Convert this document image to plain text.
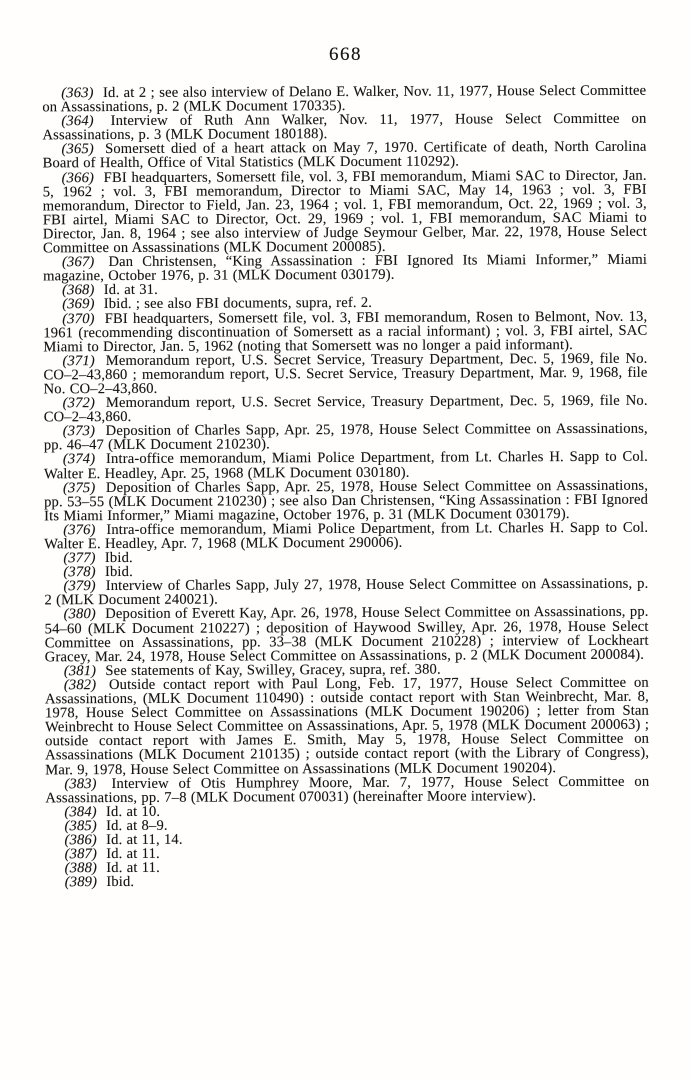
668

(363) Id. at 2 ; see also interview of Delano E. Walker, Nov. 11, 1977, House Select Committee on Assassinations, p. 2 (MLK Document 170335).

(364) Interview of Ruth Ann Walker, Nov. 11, 1977, House Select Committee on Assassinations, p. 3 (MLK Document 180188).

(365) Somersett died of a heart attack on May 7, 1970. Certificate of death, North Carolina Board of Health, Office of Vital Statistics (MLK Document 110292).

(366) FBI headquarters, Somersett file, vol. 3, FBI memorandum, Miami SAC to Director, Jan. 5, 1962 ; vol. 3, FBI memorandum, Director to Miami SAC, May 14, 1963 ; vol. 3, FBI memorandum, Director to Field, Jan. 23, 1964 ; vol. 1, FBI memorandum, Oct. 22, 1969 ; vol. 3, FBI airtel, Miami SAC to Director, Oct. 29, 1969 ; vol. 1, FBI memorandum, SAC Miami to Director, Jan. 8, 1964 ; see also interview of Judge Seymour Gelber, Mar. 22, 1978, House Select Committee on Assassinations (MLK Document 200085).

(367) Dan Christensen, “King Assassination : FBI Ignored Its Miami Informer,” Miami magazine, October 1976, p. 31 (MLK Document 030179).

(368) Id. at 31.

(369) Ibid. ; see also FBI documents, supra, ref. 2.

(370) FBI headquarters, Somersett file, vol. 3, FBI memorandum, Rosen to Belmont, Nov. 13, 1961 (recommending discontinuation of Somersett as a racial informant) ; vol. 3, FBI airtel, SAC Miami to Director, Jan. 5, 1962 (noting that Somersett was no longer a paid informant).

(371) Memorandum report, U.S. Secret Service, Treasury Department, Dec. 5, 1969, file No. CO–2–43,860 ; memorandum report, U.S. Secret Service, Treasury Department, Mar. 9, 1968, file No. CO–2–43,860.

(372) Memorandum report, U.S. Secret Service, Treasury Department, Dec. 5, 1969, file No. CO–2–43,860.

(373) Deposition of Charles Sapp, Apr. 25, 1978, House Select Committee on Assassinations, pp. 46–47 (MLK Document 210230).

(374) Intra-office memorandum, Miami Police Department, from Lt. Charles H. Sapp to Col. Walter E. Headley, Apr. 25, 1968 (MLK Document 030180).

(375) Deposition of Charles Sapp, Apr. 25, 1978, House Select Committee on Assassinations, pp. 53–55 (MLK Document 210230) ; see also Dan Christensen, “King Assassination : FBI Ignored Its Miami Informer,” Miami magazine, October 1976, p. 31 (MLK Document 030179).

(376) Intra-office memorandum, Miami Police Department, from Lt. Charles H. Sapp to Col. Walter E. Headley, Apr. 7, 1968 (MLK Document 290006).

(377) Ibid.

(378) Ibid.

(379) Interview of Charles Sapp, July 27, 1978, House Select Committee on Assassinations, p. 2 (MLK Document 240021).

(380) Deposition of Everett Kay, Apr. 26, 1978, House Select Committee on Assassinations, pp. 54–60 (MLK Document 210227) ; deposition of Haywood Swilley, Apr. 26, 1978, House Select Committee on Assassinations, pp. 33–38 (MLK Document 210228) ; interview of Lockheart Gracey, Mar. 24, 1978, House Select Committee on Assassinations, p. 2 (MLK Document 200084).

(381) See statements of Kay, Swilley, Gracey, supra, ref. 380.

(382) Outside contact report with Paul Long, Feb. 17, 1977, House Select Committee on Assassinations, (MLK Document 110490) : outside contact report with Stan Weinbrecht, Mar. 8, 1978, House Select Committee on Assassinations (MLK Document 190206) ; letter from Stan Weinbrecht to House Select Committee on Assassinations, Apr. 5, 1978 (MLK Document 200063) ; outside contact report with James E. Smith, May 5, 1978, House Select Committee on Assassinations (MLK Document 210135) ; outside contact report (with the Library of Congress), Mar. 9, 1978, House Select Committee on Assassinations (MLK Document 190204).

(383) Interview of Otis Humphrey Moore, Mar. 7, 1977, House Select Committee on Assassinations, pp. 7–8 (MLK Document 070031) (hereinafter Moore interview).

(384) Id. at 10.

(385) Id. at 8–9.

(386) Id. at 11, 14.

(387) Id. at 11.

(388) Id. at 11.

(389) Ibid.
